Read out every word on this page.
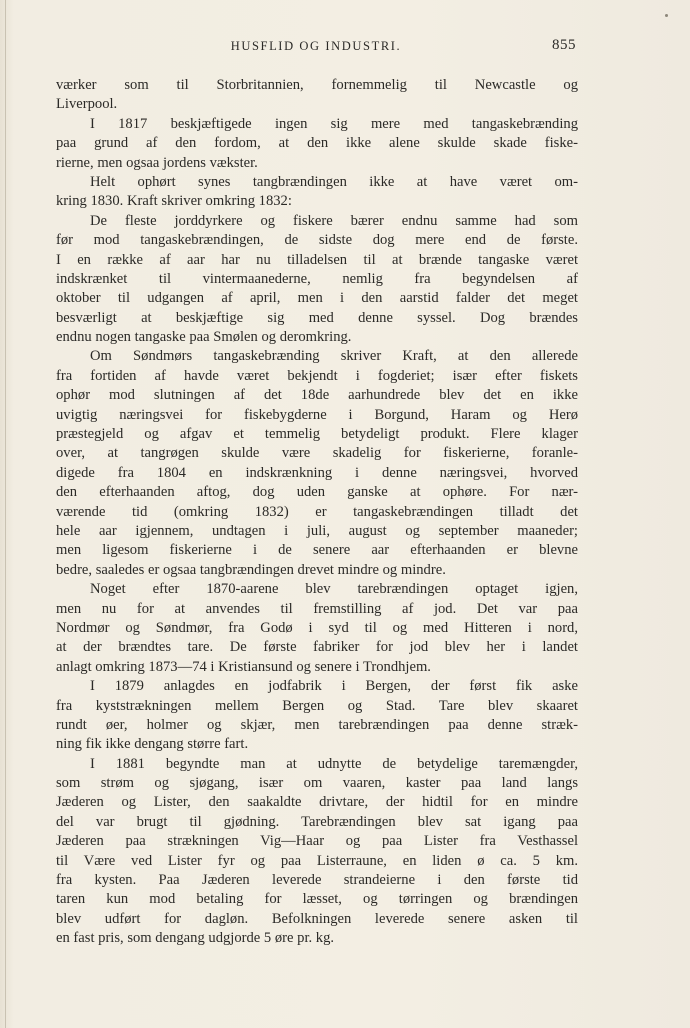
HUSFLID OG INDUSTRI.	855
værker som til Storbritannien, fornemmelig til Newcastle og
Liverpool.
I 1817 beskjæftigede ingen sig mere med tangaskebrænding
paa grund af den fordom, at den ikke alene skulde skade fiske-
rierne, men ogsaa jordens vækster.
Helt ophørt synes tangbrændingen ikke at have været om-
kring 1830. Kraft skriver omkring 1832:
De fleste jorddyrkere og fiskere bærer endnu samme had som
før mod tangaskebrændingen, de sidste dog mere end de første.
I en række af aar har nu tilladelsen til at brænde tangaske været
indskrænket til vintermaanederne, nemlig fra begyndelsen af
oktober til udgangen af april, men i den aarstid falder det meget
besværligt at beskjæftige sig med denne syssel. Dog brændes
endnu nogen tangaske paa Smølen og deromkring.
Om Søndmørs tangaskebrænding skriver Kraft, at den allerede
fra fortiden af havde været bekjendt i fogderiet; især efter fiskets
ophør mod slutningen af det 18de aarhundrede blev det en ikke
uvigtig næringsvei for fiskebygderne i Borgund, Haram og Herø
præstegjeld og afgav et temmelig betydeligt produkt. Flere klager
over, at tangrøgen skulde være skadelig for fiskerierne, foranle-
digede fra 1804 en indskrænkning i denne næringsvei, hvorved
den efterhaanden aftog, dog uden ganske at ophøre. For nær-
værende tid (omkring 1832) er tangaskebrændingen tilladt det
hele aar igjennem, undtagen i juli, august og september maaneder;
men ligesom fiskerierne i de senere aar efterhaanden er blevne
bedre, saaledes er ogsaa tangbrændingen drevet mindre og mindre.
Noget efter 1870-aarene blev tarebrændingen optaget igjen,
men nu for at anvendes til fremstilling af jod. Det var paa
Nordmør og Søndmør, fra Godø i syd til og med Hitteren i nord,
at der brændtes tare. De første fabriker for jod blev her i landet
anlagt omkring 1873—74 i Kristiansund og senere i Trondhjem.
I 1879 anlagdes en jodfabrik i Bergen, der først fik aske
fra kyststrækningen mellem Bergen og Stad. Tare blev skaaret
rundt øer, holmer og skjær, men tarebrændingen paa denne stræk-
ning fik ikke dengang større fart.
I 1881 begyndte man at udnytte de betydelige taremængder,
som strøm og sjøgang, især om vaaren, kaster paa land langs
Jæderen og Lister, den saakaldte drivtare, der hidtil for en mindre
del var brugt til gjødning. Tarebrændingen blev sat igang paa
Jæderen paa strækningen Vig—Haar og paa Lister fra Vesthassel
til Være ved Lister fyr og paa Listerraune, en liden ø ca. 5 km.
fra kysten. Paa Jæderen leverede strandeierne i den første tid
taren kun mod betaling for læsset, og tørringen og brændingen
blev udført for dagløn. Befolkningen leverede senere asken til
en fast pris, som dengang udgjorde 5 øre pr. kg.
